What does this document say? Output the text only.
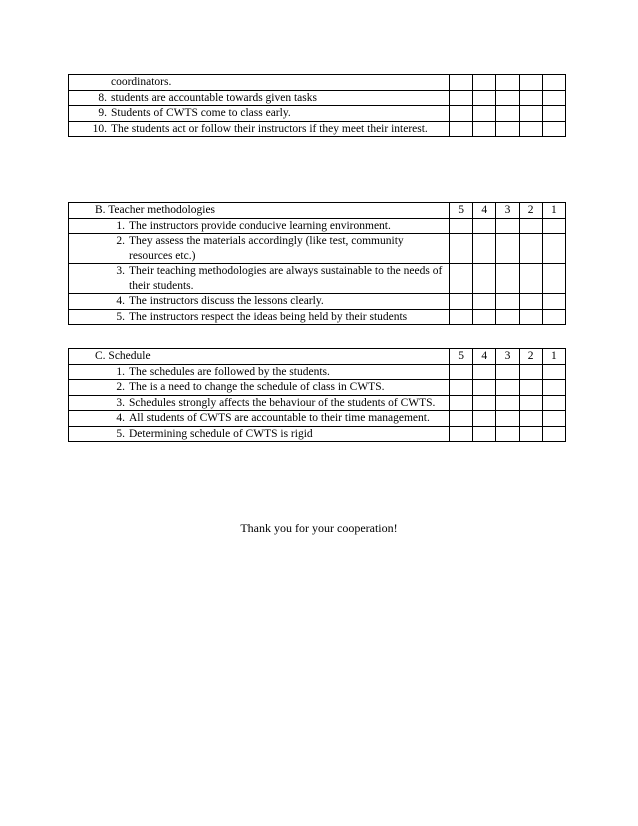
coordinators.					

8. students are accountable towards given tasks					

9. Students of CWTS come to class early.					

10. The students act or follow their instructors if they meet their interest.					

B. Teacher methodologies	5	4	3	2	1

1. The instructors provide conducive learning environment.					

2. They assess the materials accordingly (like test, community resources etc.)					

3. Their teaching methodologies are always sustainable to the needs of their students.					

4. The instructors discuss the lessons clearly.					

5. The instructors respect the ideas being held by their students					

C. Schedule	5	4	3	2	1

1. The schedules are followed by the students.					

2. The is a need to change the schedule of class in CWTS.					

3. Schedules strongly affects the behaviour of the students of CWTS.					

4. All students of CWTS are accountable to their time management.					

5. Determining schedule of CWTS is rigid					

Thank you for your cooperation!
